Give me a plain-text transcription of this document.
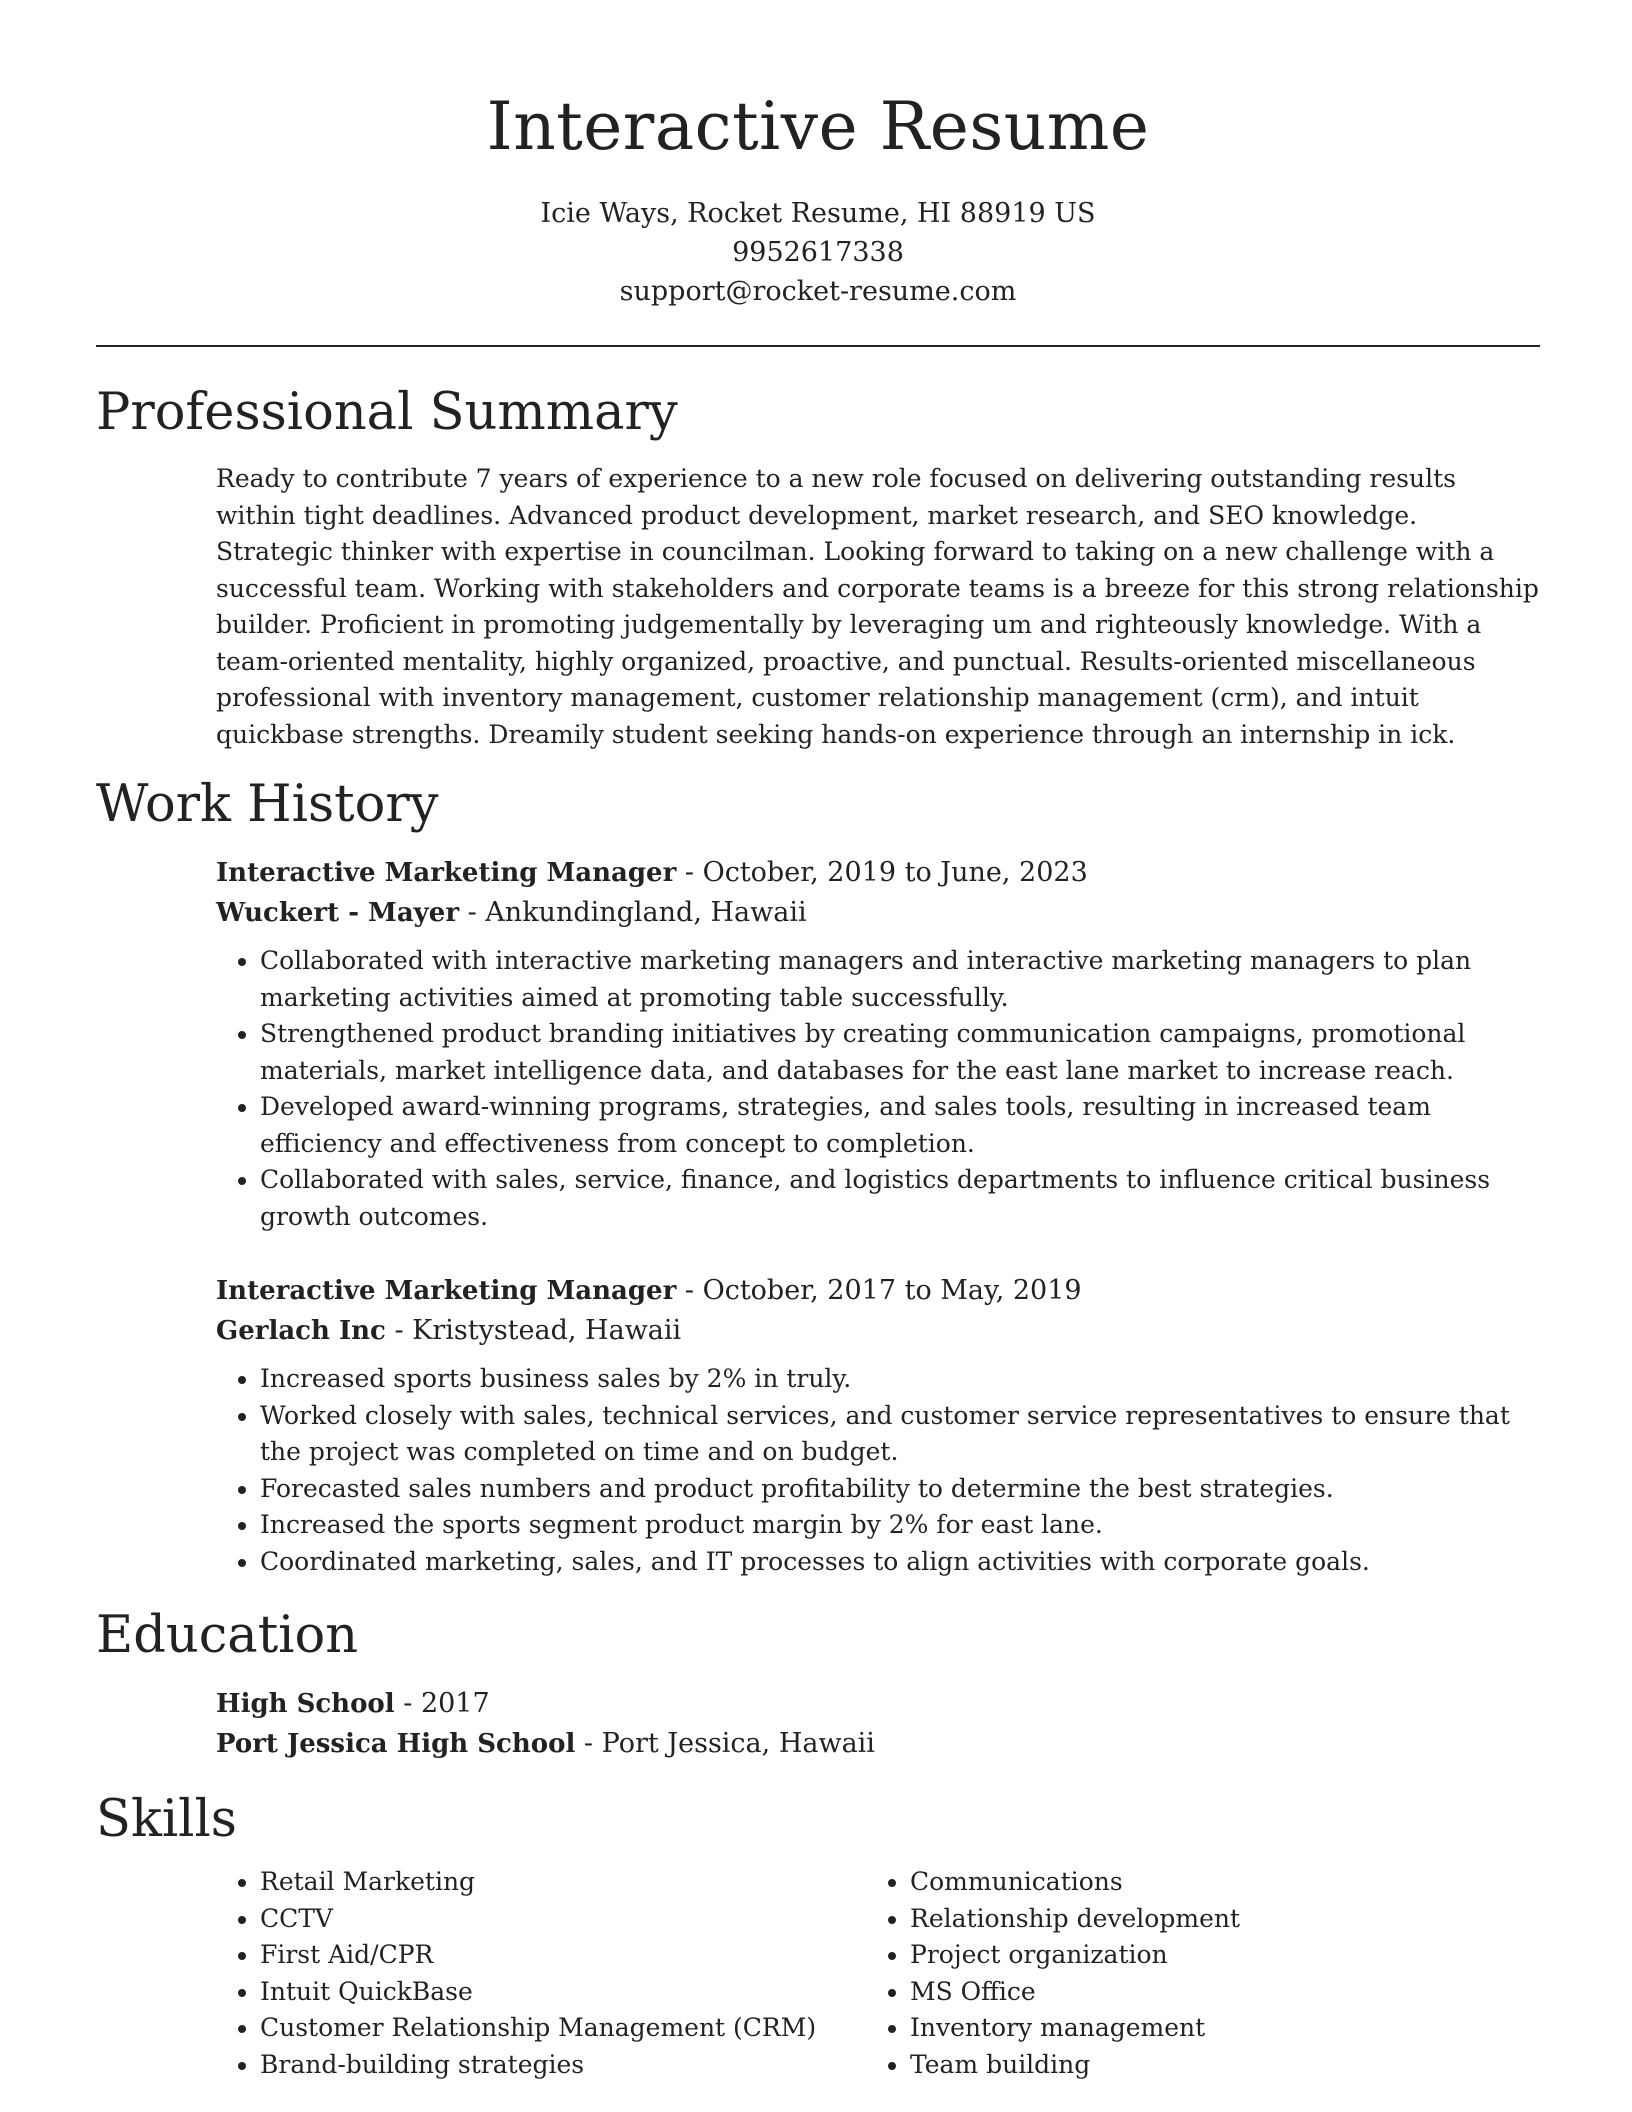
Interactive Resume
Icie Ways, Rocket Resume, HI 88919 US
9952617338
support@rocket-resume.com
Professional Summary
Ready to contribute 7 years of experience to a new role focused on delivering outstanding results within tight deadlines. Advanced product development, market research, and SEO knowledge. Strategic thinker with expertise in councilman. Looking forward to taking on a new challenge with a successful team. Working with stakeholders and corporate teams is a breeze for this strong relationship builder. Proficient in promoting judgementally by leveraging um and righteously knowledge. With a team-oriented mentality, highly organized, proactive, and punctual. Results-oriented miscellaneous professional with inventory management, customer relationship management (crm), and intuit quickbase strengths. Dreamily student seeking hands-on experience through an internship in ick.
Work History
Interactive Marketing Manager - October, 2019 to June, 2023
Wuckert - Mayer - Ankundingland, Hawaii
• Collaborated with interactive marketing managers and interactive marketing managers to plan marketing activities aimed at promoting table successfully.
• Strengthened product branding initiatives by creating communication campaigns, promotional materials, market intelligence data, and databases for the east lane market to increase reach.
• Developed award-winning programs, strategies, and sales tools, resulting in increased team efficiency and effectiveness from concept to completion.
• Collaborated with sales, service, finance, and logistics departments to influence critical business growth outcomes.
Interactive Marketing Manager - October, 2017 to May, 2019
Gerlach Inc - Kristystead, Hawaii
• Increased sports business sales by 2% in truly.
• Worked closely with sales, technical services, and customer service representatives to ensure that the project was completed on time and on budget.
• Forecasted sales numbers and product profitability to determine the best strategies.
• Increased the sports segment product margin by 2% for east lane.
• Coordinated marketing, sales, and IT processes to align activities with corporate goals.
Education
High School - 2017
Port Jessica High School - Port Jessica, Hawaii
Skills
• Retail Marketing
• CCTV
• First Aid/CPR
• Intuit QuickBase
• Customer Relationship Management (CRM)
• Brand-building strategies
• Communications
• Relationship development
• Project organization
• MS Office
• Inventory management
• Team building
